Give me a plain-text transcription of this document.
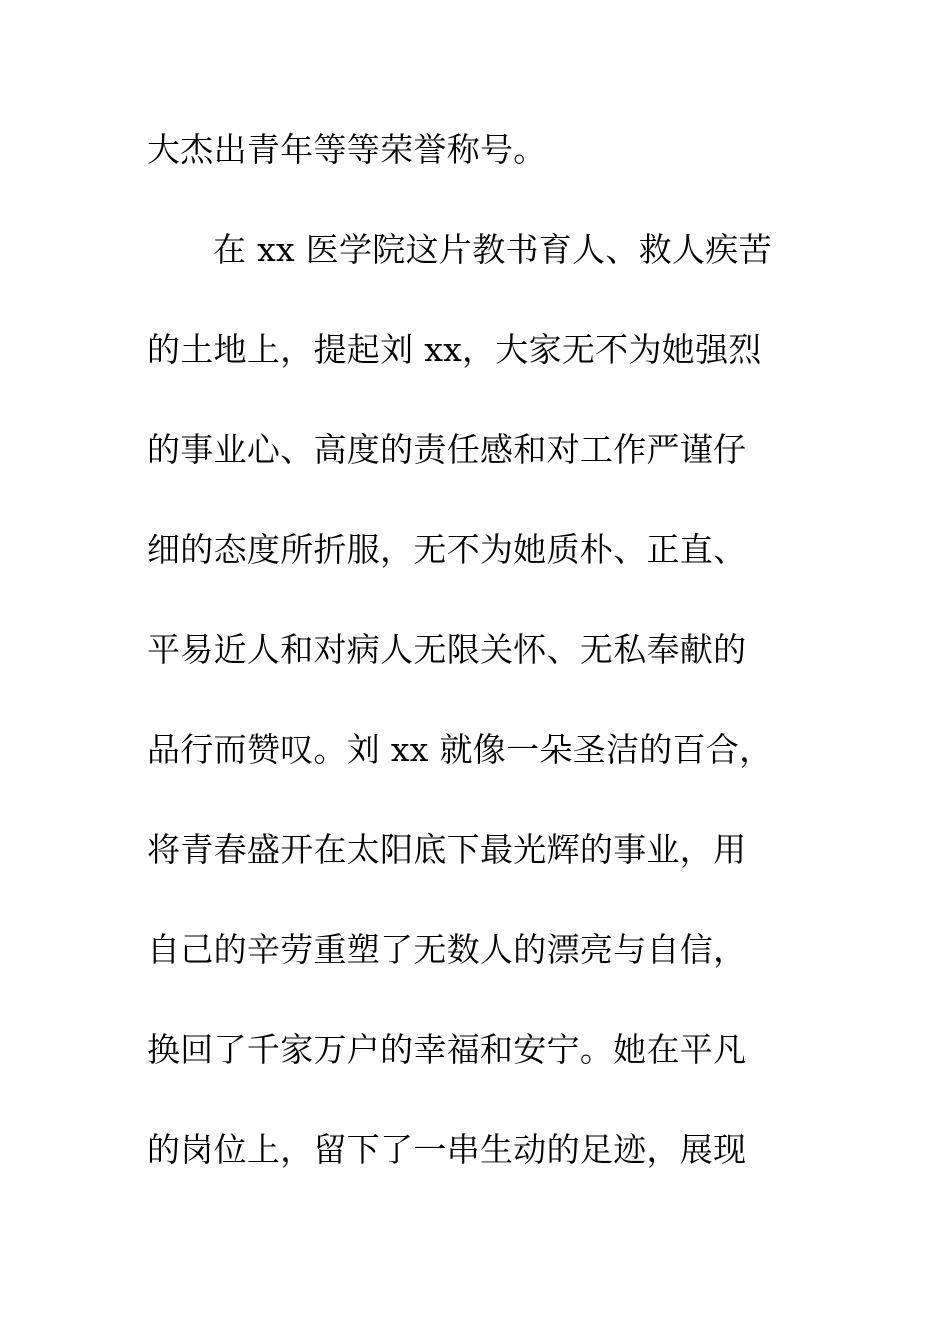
大杰出青年等等荣誉称号。
在 xx 医学院这片教书育人、救人疾苦
的土地上，提起刘 xx，大家无不为她强烈
的事业心、高度的责任感和对工作严谨仔
细的态度所折服，无不为她质朴、正直、
平易近人和对病人无限关怀、无私奉献的
品行而赞叹。刘 xx 就像一朵圣洁的百合，
将青春盛开在太阳底下最光辉的事业，用
自己的辛劳重塑了无数人的漂亮与自信，
换回了千家万户的幸福和安宁。她在平凡
的岗位上，留下了一串生动的足迹，展现
